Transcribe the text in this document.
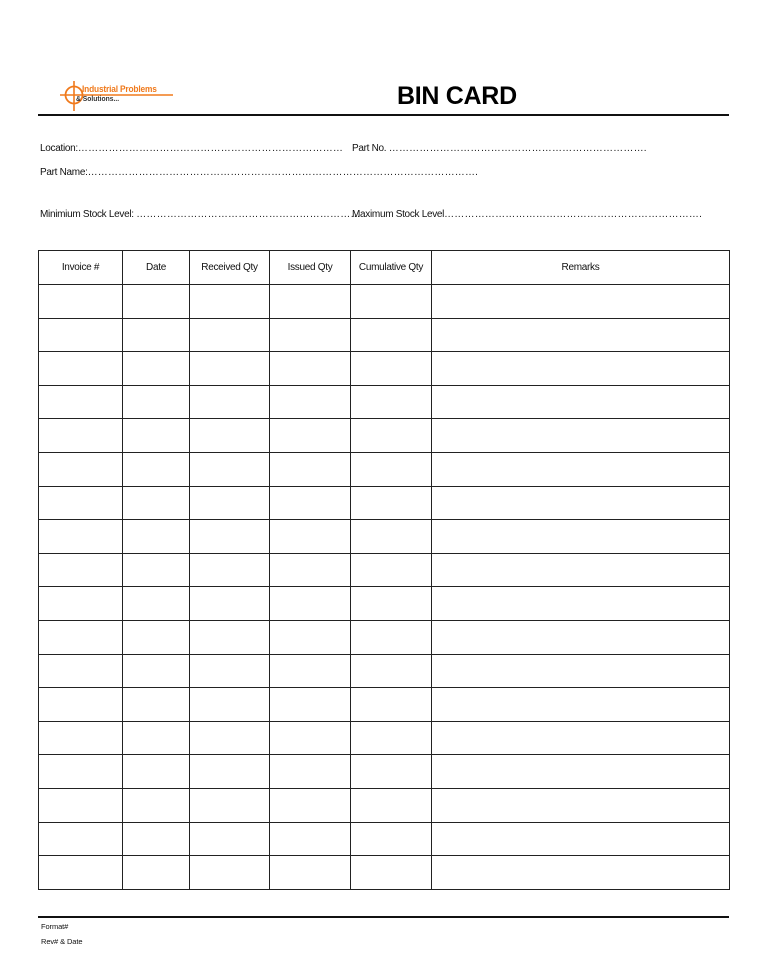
Industrial Problems
& Solutions...	BIN CARD
Location:…………………………………………………………………… Part No. ………………………………………………………………….
Part Name:…………………………………………………………………………………………………….
Minimium Stock Level: …………………………………………………………
Maximum Stock Level………………………………………………………………….
Invoice #	Date	Received Qty	Issued Qty	Cumulative Qty	Remarks

Format#
Rev# & Date
